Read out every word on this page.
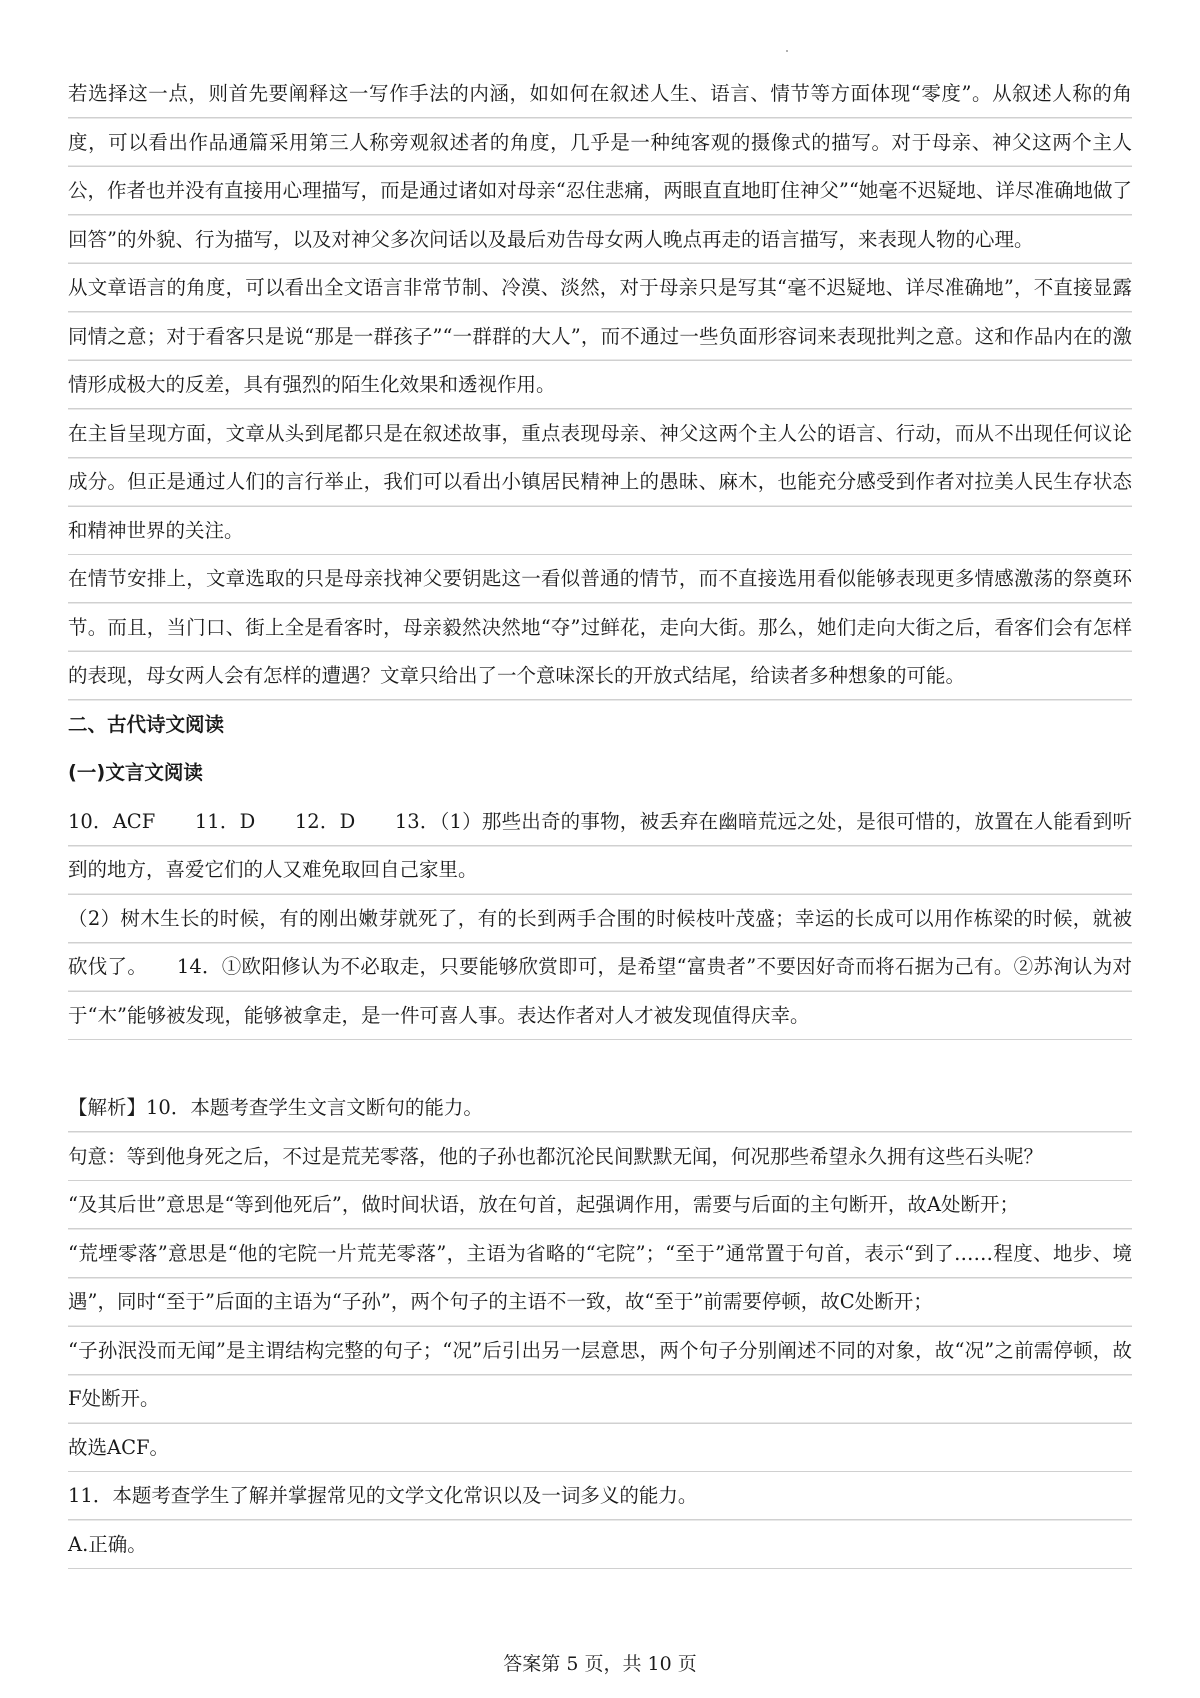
若选择这一点，则首先要阐释这一写作手法的内涵，如如何在叙述人生、语言、情节等方面体现“零度”。从叙述人称的角度，可以看出作品通篇采用第三人称旁观叙述者的角度，几乎是一种纯客观的摄像式的描写。对于母亲、神父这两个主人公，作者也并没有直接用心理描写，而是通过诸如对母亲“忍住悲痛，两眼直直地盯住神父”“她毫不迟疑地、详尽准确地做了回答”的外貌、行为描写，以及对神父多次问话以及最后劝告母女两人晚点再走的语言描写，来表现人物的心理。

从文章语言的角度，可以看出全文语言非常节制、冷漠、淡然，对于母亲只是写其“毫不迟疑地、详尽准确地”，不直接显露同情之意；对于看客只是说“那是一群孩子”“一群群的大人”，而不通过一些负面形容词来表现批判之意。这和作品内在的激情形成极大的反差，具有强烈的陌生化效果和透视作用。

在主旨呈现方面，文章从头到尾都只是在叙述故事，重点表现母亲、神父这两个主人公的语言、行动，而从不出现任何议论成分。但正是通过人们的言行举止，我们可以看出小镇居民精神上的愚昧、麻木，也能充分感受到作者对拉美人民生存状态和精神世界的关注。

在情节安排上，文章选取的只是母亲找神父要钥匙这一看似普通的情节，而不直接选用看似能够表现更多情感激荡的祭奠环节。而且，当门口、街上全是看客时，母亲毅然决然地“夺”过鲜花，走向大街。那么，她们走向大街之后，看客们会有怎样的表现，母女两人会有怎样的遭遇？文章只给出了一个意味深长的开放式结尾，给读者多种想象的可能。

二、古代诗文阅读

(一)文言文阅读

10．ACF　　11．D　　12．D　　13．（1）那些出奇的事物，被丢弃在幽暗荒远之处，是很可惜的，放置在人能看到听到的地方，喜爱它们的人又难免取回自己家里。

（2）树木生长的时候，有的刚出嫩芽就死了，有的长到两手合围的时候枝叶茂盛；幸运的长成可以用作栋梁的时候，就被砍伐了。　　14．①欧阳修认为不必取走，只要能够欣赏即可，是希望“富贵者”不要因好奇而将石据为己有。②苏洵认为对于“木”能够被发现，能够被拿走，是一件可喜人事。表达作者对人才被发现值得庆幸。

【解析】10．本题考查学生文言文断句的能力。

句意：等到他身死之后，不过是荒芜零落，他的子孙也都沉沦民间默默无闻，何况那些希望永久拥有这些石头呢？

“及其后世”意思是“等到他死后”，做时间状语，放在句首，起强调作用，需要与后面的主句断开，故A处断开；

“荒堙零落”意思是“他的宅院一片荒芜零落”，主语为省略的“宅院”；“至于”通常置于句首，表示“到了……程度、地步、境遇”，同时“至于”后面的主语为“子孙”，两个句子的主语不一致，故“至于”前需要停顿，故C处断开；

“子孙泯没而无闻”是主谓结构完整的句子；“况”后引出另一层意思，两个句子分别阐述不同的对象，故“况”之前需停顿，故F处断开。

故选ACF。

11．本题考查学生了解并掌握常见的文学文化常识以及一词多义的能力。

A.正确。

答案第 5 页，共 10 页
